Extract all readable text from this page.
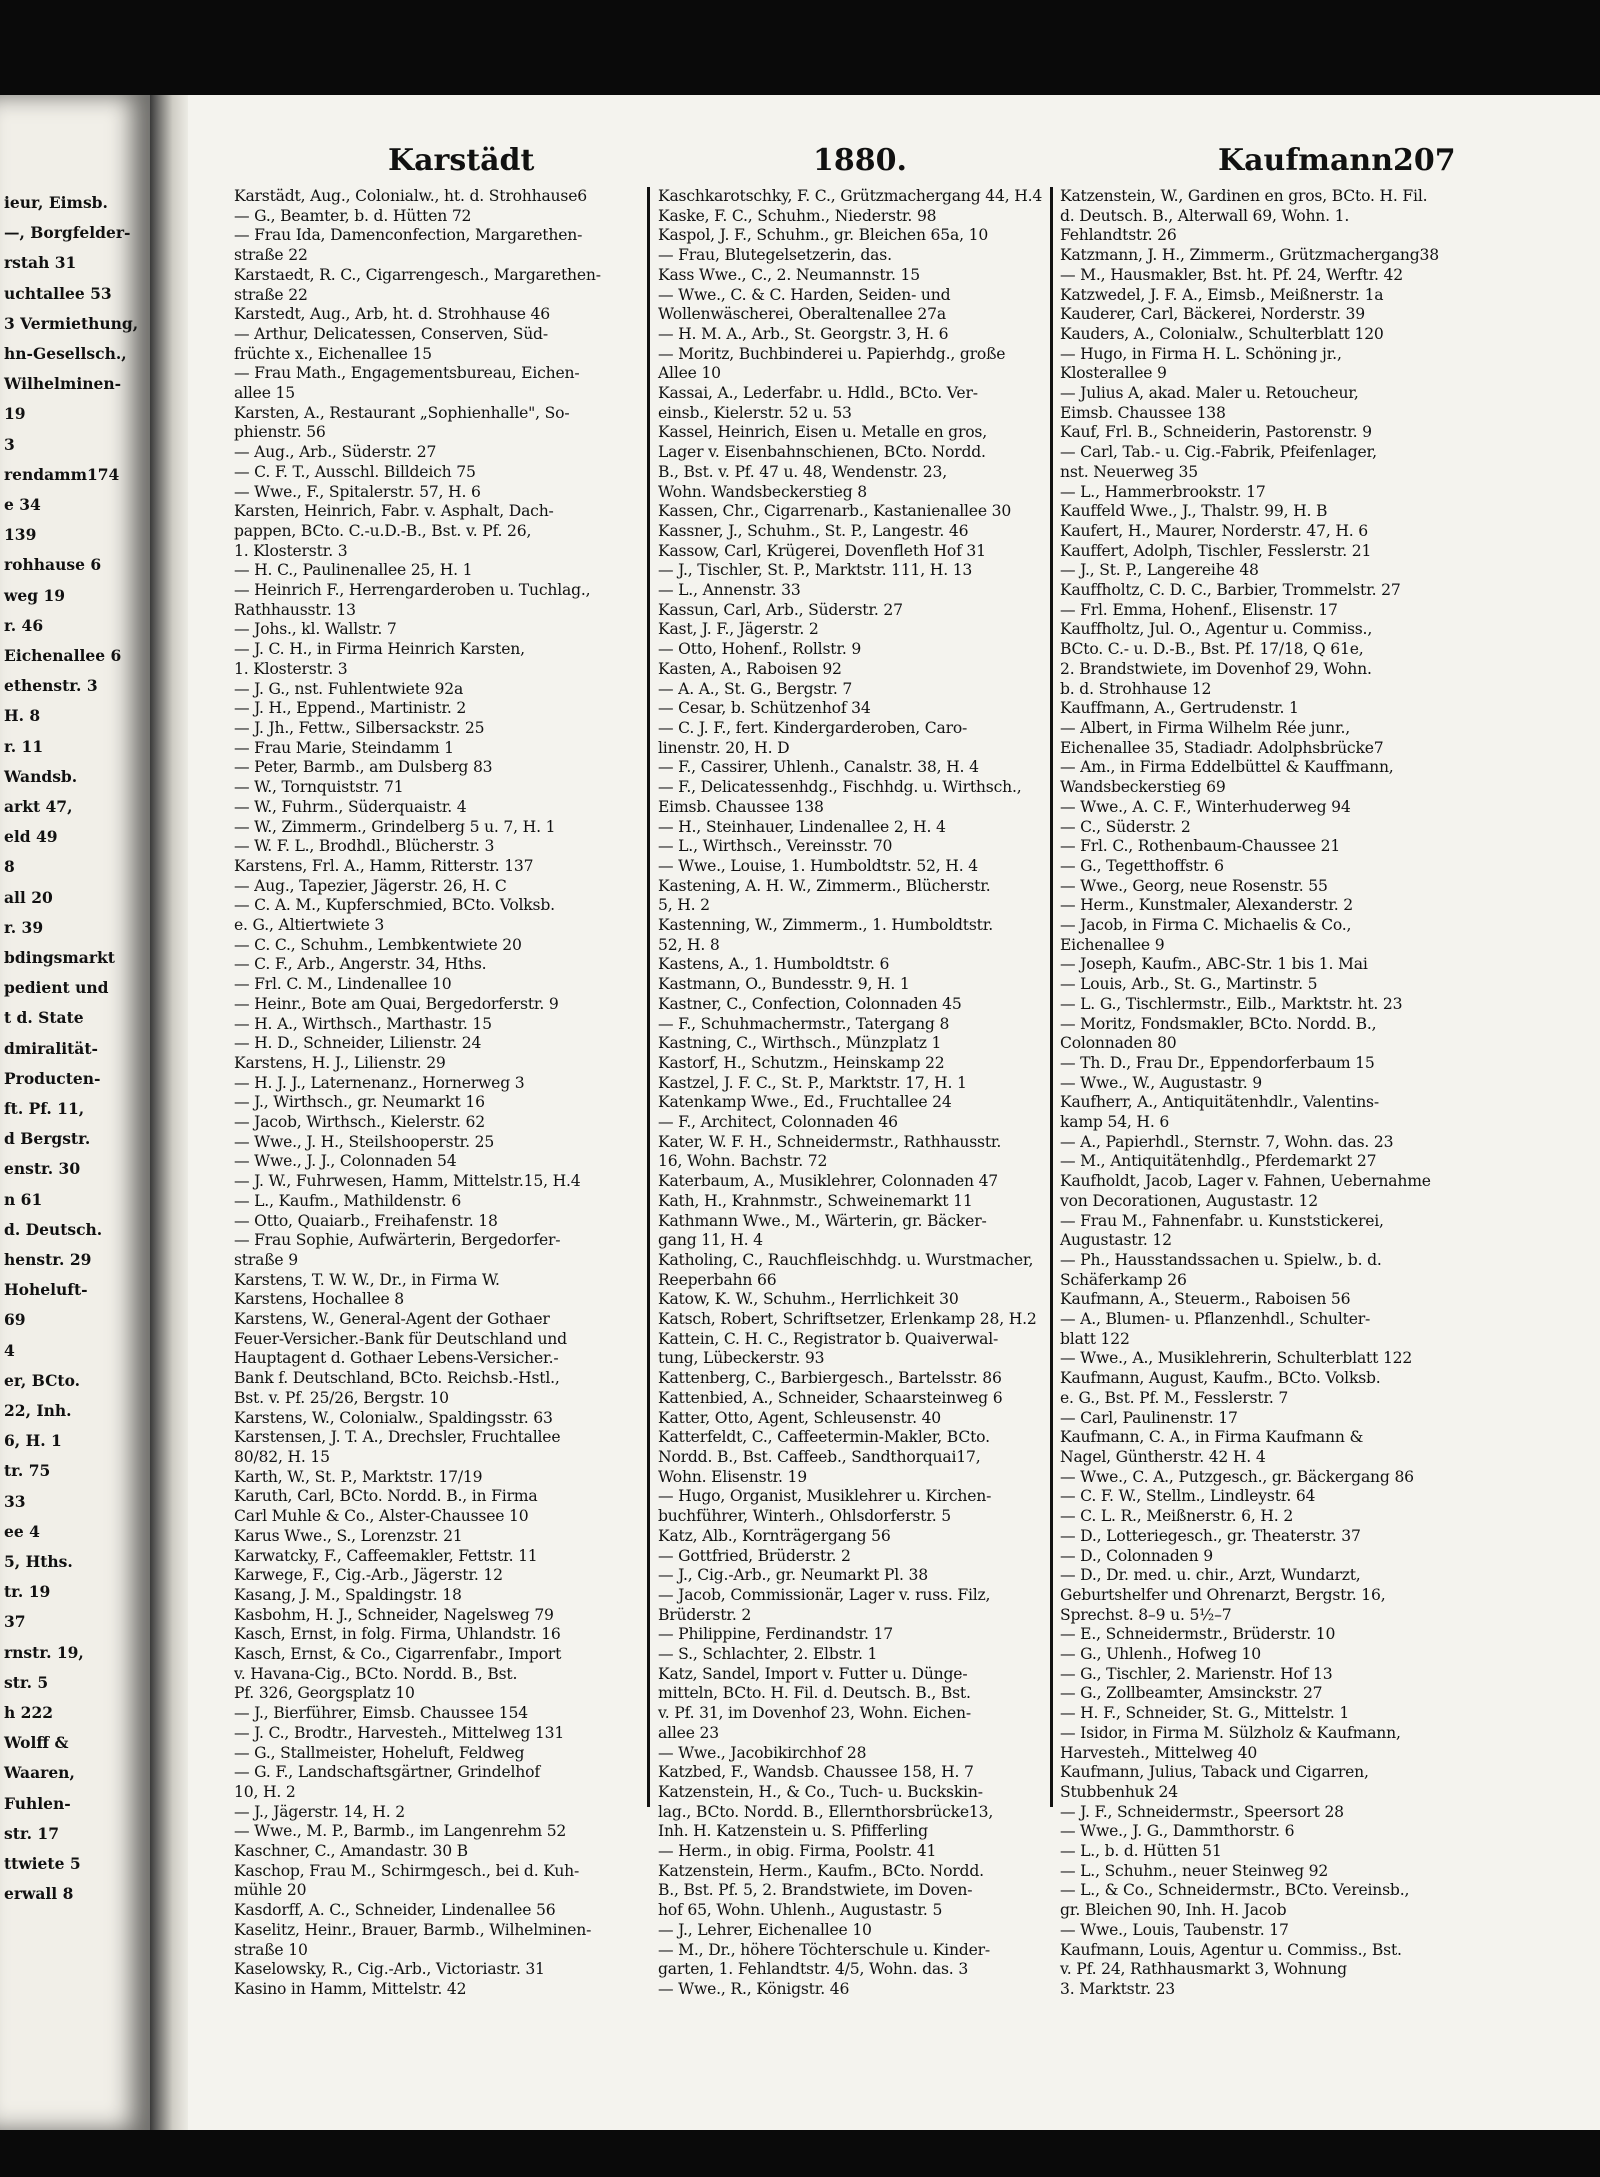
ieur, Eimsb.
—, Borgfelder-
rstah 31
uchtallee 53
3 Vermiethung,
hn-Gesellsch.,
Wilhelminen-
19
3
rendamm174
e 34
139
rohhause 6
weg 19
r. 46
Eichenallee 6
ethenstr. 3
H. 8
r. 11
Wandsb.
arkt 47,
eld 49
8
all 20
r. 39
bdingsmarkt
pedient und
t d. State
dmiralität-
Producten-
ft. Pf. 11,
d Bergstr.
enstr. 30
n 61
d. Deutsch.
henstr. 29
Hoheluft-
69
4
er, BCto.
22, Inh.
6, H. 1
tr. 75
33
ee 4
5, Hths.
tr. 19
37
rnstr. 19,
str. 5
h 222
Wolff &
Waaren,
Fuhlen-
str. 17
ttwiete 5
erwall 8
Karstädt	1880.	Kaufmann 207
Karstädt, Aug., Colonialw., ht. d. Strohhause6
— G., Beamter, b. d. Hütten 72
— Frau Ida, Damenconfection, Margarethen-
straße 22
Karstaedt, R. C., Cigarrengesch., Margarethen-
straße 22
Karstedt, Aug., Arb, ht. d. Strohhause 46
— Arthur, Delicatessen, Conserven, Süd-
früchte x., Eichenallee 15
— Frau Math., Engagementsbureau, Eichen-
allee 15
Karsten, A., Restaurant „Sophienhalle", So-
phienstr. 56
— Aug., Arb., Süderstr. 27
— C. F. T., Ausschl. Billdeich 75
— Wwe., F., Spitalerstr. 57, H. 6
Karsten, Heinrich, Fabr. v. Asphalt, Dach-
pappen, BCto. C.-u.D.-B., Bst. v. Pf. 26,
1. Klosterstr. 3
— H. C., Paulinenallee 25, H. 1
— Heinrich F., Herrengarderoben u. Tuchlag.,
Rathhausstr. 13
— Johs., kl. Wallstr. 7
— J. C. H., in Firma Heinrich Karsten,
1. Klosterstr. 3
— J. G., nst. Fuhlentwiete 92a
— J. H., Eppend., Martinistr. 2
— J. Jh., Fettw., Silbersackstr. 25
— Frau Marie, Steindamm 1
— Peter, Barmb., am Dulsberg 83
— W., Tornquiststr. 71
— W., Fuhrm., Süderquaistr. 4
— W., Zimmerm., Grindelberg 5 u. 7, H. 1
— W. F. L., Brodhdl., Blücherstr. 3
Karstens, Frl. A., Hamm, Ritterstr. 137
— Aug., Tapezier, Jägerstr. 26, H. C
— C. A. M., Kupferschmied, BCto. Volksb.
e. G., Altiertwiete 3
— C. C., Schuhm., Lembkentwiete 20
— C. F., Arb., Angerstr. 34, Hths.
— Frl. C. M., Lindenallee 10
— Heinr., Bote am Quai, Bergedorferstr. 9
— H. A., Wirthsch., Marthastr. 15
— H. D., Schneider, Lilienstr. 24
Karstens, H. J., Lilienstr. 29
— H. J. J., Laternenanz., Hornerweg 3
— J., Wirthsch., gr. Neumarkt 16
— Jacob, Wirthsch., Kielerstr. 62
— Wwe., J. H., Steilshooperstr. 25
— Wwe., J. J., Colonnaden 54
— J. W., Fuhrwesen, Hamm, Mittelstr.15, H.4
— L., Kaufm., Mathildenstr. 6
— Otto, Quaiarb., Freihafenstr. 18
— Frau Sophie, Aufwärterin, Bergedorfer-
straße 9
Karstens, T. W. W., Dr., in Firma W.
Karstens, Hochallee 8
Karstens, W., General-Agent der Gothaer
Feuer-Versicher.-Bank für Deutschland und
Hauptagent d. Gothaer Lebens-Versicher.-
Bank f. Deutschland, BCto. Reichsb.-Hstl.,
Bst. v. Pf. 25/26, Bergstr. 10
Karstens, W., Colonialw., Spaldingsstr. 63
Karstensen, J. T. A., Drechsler, Fruchtallee
80/82, H. 15
Karth, W., St. P., Marktstr. 17/19
Karuth, Carl, BCto. Nordd. B., in Firma
Carl Muhle & Co., Alster-Chaussee 10
Karus Wwe., S., Lorenzstr. 21
Karwatcky, F., Caffeemakler, Fettstr. 11
Karwege, F., Cig.-Arb., Jägerstr. 12
Kasang, J. M., Spaldingstr. 18
Kasbohm, H. J., Schneider, Nagelsweg 79
Kasch, Ernst, in folg. Firma, Uhlandstr. 16
Kasch, Ernst, & Co., Cigarrenfabr., Import
v. Havana-Cig., BCto. Nordd. B., Bst.
Pf. 326, Georgsplatz 10
— J., Bierführer, Eimsb. Chaussee 154
— J. C., Brodtr., Harvesteh., Mittelweg 131
— G., Stallmeister, Hoheluft, Feldweg
— G. F., Landschaftsgärtner, Grindelhof
10, H. 2
— J., Jägerstr. 14, H. 2
— Wwe., M. P., Barmb., im Langenrehm 52
Kaschner, C., Amandastr. 30 B
Kaschop, Frau M., Schirmgesch., bei d. Kuh-
mühle 20
Kasdorff, A. C., Schneider, Lindenallee 56
Kaselitz, Heinr., Brauer, Barmb., Wilhelminen-
straße 10
Kaselowsky, R., Cig.-Arb., Victoriastr. 31
Kasino in Hamm, Mittelstr. 42
Kaschkarotschky, F. C., Grützmachergang 44, H.4
Kaske, F. C., Schuhm., Niederstr. 98
Kaspol, J. F., Schuhm., gr. Bleichen 65a, 10
— Frau, Blutegelsetzerin, das.
Kass Wwe., C., 2. Neumannstr. 15
— Wwe., C. & C. Harden, Seiden- und
Wollenwäscherei, Oberaltenallee 27a
— H. M. A., Arb., St. Georgstr. 3, H. 6
— Moritz, Buchbinderei u. Papierhdg., große
Allee 10
Kassai, A., Lederfabr. u. Hdld., BCto. Ver-
einsb., Kielerstr. 52 u. 53
Kassel, Heinrich, Eisen u. Metalle en gros,
Lager v. Eisenbahnschienen, BCto. Nordd.
B., Bst. v. Pf. 47 u. 48, Wendenstr. 23,
Wohn. Wandsbeckerstieg 8
Kassen, Chr., Cigarrenarb., Kastanienallee 30
Kassner, J., Schuhm., St. P., Langestr. 46
Kassow, Carl, Krügerei, Dovenfleth Hof 31
— J., Tischler, St. P., Marktstr. 111, H. 13
— L., Annenstr. 33
Kassun, Carl, Arb., Süderstr. 27
Kast, J. F., Jägerstr. 2
— Otto, Hohenf., Rollstr. 9
Kasten, A., Raboisen 92
— A. A., St. G., Bergstr. 7
— Cesar, b. Schützenhof 34
— C. J. F., fert. Kindergarderoben, Caro-
linenstr. 20, H. D
— F., Cassirer, Uhlenh., Canalstr. 38, H. 4
— F., Delicatessenhdg., Fischhdg. u. Wirthsch.,
Eimsb. Chaussee 138
— H., Steinhauer, Lindenallee 2, H. 4
— L., Wirthsch., Vereinsstr. 70
— Wwe., Louise, 1. Humboldtstr. 52, H. 4
Kastening, A. H. W., Zimmerm., Blücherstr.
5, H. 2
Kastenning, W., Zimmerm., 1. Humboldtstr.
52, H. 8
Kastens, A., 1. Humboldtstr. 6
Kastmann, O., Bundesstr. 9, H. 1
Kastner, C., Confection, Colonnaden 45
— F., Schuhmachermstr., Tatergang 8
Kastning, C., Wirthsch., Münzplatz 1
Kastorf, H., Schutzm., Heinskamp 22
Kastzel, J. F. C., St. P., Marktstr. 17, H. 1
Katenkamp Wwe., Ed., Fruchtallee 24
— F., Architect, Colonnaden 46
Kater, W. F. H., Schneidermstr., Rathhausstr.
16, Wohn. Bachstr. 72
Katerbaum, A., Musiklehrer, Colonnaden 47
Kath, H., Krahnmstr., Schweinemarkt 11
Kathmann Wwe., M., Wärterin, gr. Bäcker-
gang 11, H. 4
Katholing, C., Rauchfleischhdg. u. Wurstmacher,
Reeperbahn 66
Katow, K. W., Schuhm., Herrlichkeit 30
Katsch, Robert, Schriftsetzer, Erlenkamp 28, H.2
Kattein, C. H. C., Registrator b. Quaiverwal-
tung, Lübeckerstr. 93
Kattenberg, C., Barbiergesch., Bartelsstr. 86
Kattenbied, A., Schneider, Schaarsteinweg 6
Katter, Otto, Agent, Schleusenstr. 40
Katterfeldt, C., Caffeetermin-Makler, BCto.
Nordd. B., Bst. Caffeeb., Sandthorquai17,
Wohn. Elisenstr. 19
— Hugo, Organist, Musiklehrer u. Kirchen-
buchführer, Winterh., Ohlsdorferstr. 5
Katz, Alb., Kornträgergang 56
— Gottfried, Brüderstr. 2
— J., Cig.-Arb., gr. Neumarkt Pl. 38
— Jacob, Commissionär, Lager v. russ. Filz,
Brüderstr. 2
— Philippine, Ferdinandstr. 17
— S., Schlachter, 2. Elbstr. 1
Katz, Sandel, Import v. Futter u. Dünge-
mitteln, BCto. H. Fil. d. Deutsch. B., Bst.
v. Pf. 31, im Dovenhof 23, Wohn. Eichen-
allee 23
— Wwe., Jacobikirchhof 28
Katzbed, F., Wandsb. Chaussee 158, H. 7
Katzenstein, H., & Co., Tuch- u. Buckskin-
lag., BCto. Nordd. B., Ellernthorsbrücke13,
Inh. H. Katzenstein u. S. Pfifferling
— Herm., in obig. Firma, Poolstr. 41
Katzenstein, Herm., Kaufm., BCto. Nordd.
B., Bst. Pf. 5, 2. Brandstwiete, im Doven-
hof 65, Wohn. Uhlenh., Augustastr. 5
— J., Lehrer, Eichenallee 10
— M., Dr., höhere Töchterschule u. Kinder-
garten, 1. Fehlandtstr. 4/5, Wohn. das. 3
— Wwe., R., Königstr. 46
Katzenstein, W., Gardinen en gros, BCto. H. Fil.
d. Deutsch. B., Alterwall 69, Wohn. 1.
Fehlandtstr. 26
Katzmann, J. H., Zimmerm., Grützmachergang38
— M., Hausmakler, Bst. ht. Pf. 24, Werftr. 42
Katzwedel, J. F. A., Eimsb., Meißnerstr. 1a
Kauderer, Carl, Bäckerei, Norderstr. 39
Kauders, A., Colonialw., Schulterblatt 120
— Hugo, in Firma H. L. Schöning jr.,
Klosterallee 9
— Julius A, akad. Maler u. Retoucheur,
Eimsb. Chaussee 138
Kauf, Frl. B., Schneiderin, Pastorenstr. 9
— Carl, Tab.- u. Cig.-Fabrik, Pfeifenlager,
nst. Neuerweg 35
— L., Hammerbrookstr. 17
Kauffeld Wwe., J., Thalstr. 99, H. B
Kaufert, H., Maurer, Norderstr. 47, H. 6
Kauffert, Adolph, Tischler, Fesslerstr. 21
— J., St. P., Langereihe 48
Kauffholtz, C. D. C., Barbier, Trommelstr. 27
— Frl. Emma, Hohenf., Elisenstr. 17
Kauffholtz, Jul. O., Agentur u. Commiss.,
BCto. C.- u. D.-B., Bst. Pf. 17/18, Q 61e,
2. Brandstwiete, im Dovenhof 29, Wohn.
b. d. Strohhause 12
Kauffmann, A., Gertrudenstr. 1
— Albert, in Firma Wilhelm Rée junr.,
Eichenallee 35, Stadiadr. Adolphsbrücke7
— Am., in Firma Eddelbüttel & Kauffmann,
Wandsbeckerstieg 69
— Wwe., A. C. F., Winterhuderweg 94
— C., Süderstr. 2
— Frl. C., Rothenbaum-Chaussee 21
— G., Tegetthoffstr. 6
— Wwe., Georg, neue Rosenstr. 55
— Herm., Kunstmaler, Alexanderstr. 2
— Jacob, in Firma C. Michaelis & Co.,
Eichenallee 9
— Joseph, Kaufm., ABC-Str. 1 bis 1. Mai
— Louis, Arb., St. G., Martinstr. 5
— L. G., Tischlermstr., Eilb., Marktstr. ht. 23
— Moritz, Fondsmakler, BCto. Nordd. B.,
Colonnaden 80
— Th. D., Frau Dr., Eppendorferbaum 15
— Wwe., W., Augustastr. 9
Kaufherr, A., Antiquitätenhdlr., Valentins-
kamp 54, H. 6
— A., Papierhdl., Sternstr. 7, Wohn. das. 23
— M., Antiquitätenhdlg., Pferdemarkt 27
Kaufholdt, Jacob, Lager v. Fahnen, Uebernahme
von Decorationen, Augustastr. 12
— Frau M., Fahnenfabr. u. Kunststickerei,
Augustastr. 12
— Ph., Hausstandssachen u. Spielw., b. d.
Schäferkamp 26
Kaufmann, A., Steuerm., Raboisen 56
— A., Blumen- u. Pflanzenhdl., Schulter-
blatt 122
— Wwe., A., Musiklehrerin, Schulterblatt 122
Kaufmann, August, Kaufm., BCto. Volksb.
e. G., Bst. Pf. M., Fesslerstr. 7
— Carl, Paulinenstr. 17
Kaufmann, C. A., in Firma Kaufmann &
Nagel, Güntherstr. 42 H. 4
— Wwe., C. A., Putzgesch., gr. Bäckergang 86
— C. F. W., Stellm., Lindleystr. 64
— C. L. R., Meißnerstr. 6, H. 2
— D., Lotteriegesch., gr. Theaterstr. 37
— D., Colonnaden 9
— D., Dr. med. u. chir., Arzt, Wundarzt,
Geburtshelfer und Ohrenarzt, Bergstr. 16,
Sprechst. 8–9 u. 5½–7
— E., Schneidermstr., Brüderstr. 10
— G., Uhlenh., Hofweg 10
— G., Tischler, 2. Marienstr. Hof 13
— G., Zollbeamter, Amsinckstr. 27
— H. F., Schneider, St. G., Mittelstr. 1
— Isidor, in Firma M. Sülzholz & Kaufmann,
Harvesteh., Mittelweg 40
Kaufmann, Julius, Taback und Cigarren,
Stubbenhuk 24
— J. F., Schneidermstr., Speersort 28
— Wwe., J. G., Dammthorstr. 6
— L., b. d. Hütten 51
— L., Schuhm., neuer Steinweg 92
— L., & Co., Schneidermstr., BCto. Vereinsb.,
gr. Bleichen 90, Inh. H. Jacob
— Wwe., Louis, Taubenstr. 17
Kaufmann, Louis, Agentur u. Commiss., Bst.
v. Pf. 24, Rathhausmarkt 3, Wohnung
3. Marktstr. 23
